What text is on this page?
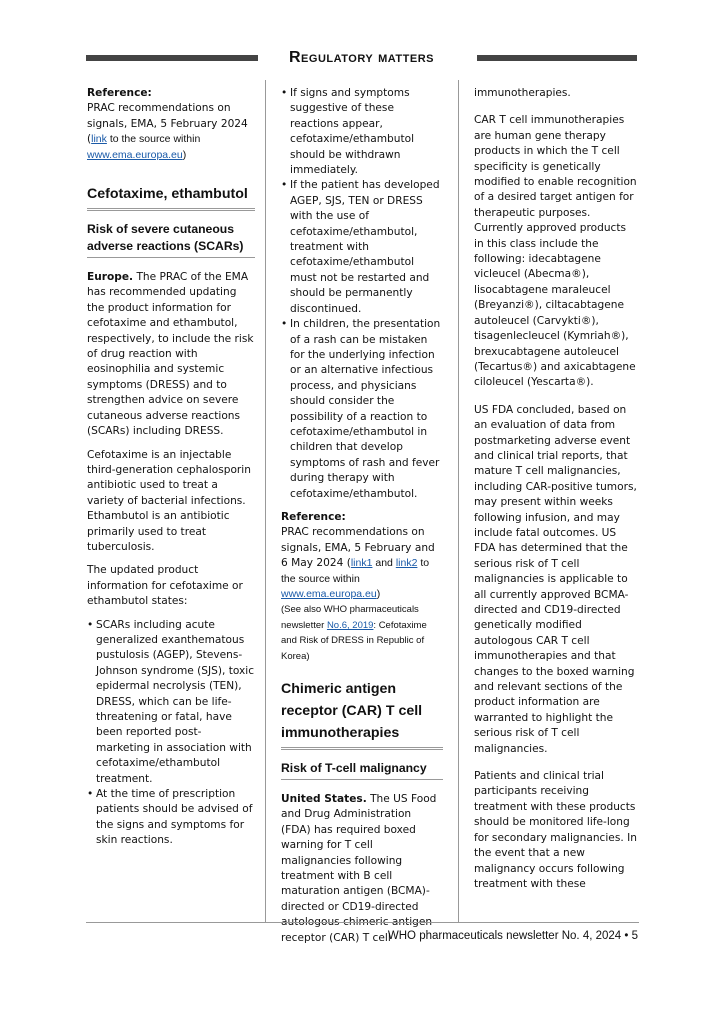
Regulatory matters

Reference:
PRAC recommendations on signals, EMA, 5 February 2024 (link to the source within www.ema.europa.eu)

Cefotaxime, ethambutol
Risk of severe cutaneous adverse reactions (SCARs)

Europe. The PRAC of the EMA has recommended updating the product information for cefotaxime and ethambutol, respectively, to include the risk of drug reaction with eosinophilia and systemic symptoms (DRESS) and to strengthen advice on severe cutaneous adverse reactions (SCARs) including DRESS.

Cefotaxime is an injectable third-generation cephalosporin antibiotic used to treat a variety of bacterial infections. Ethambutol is an antibiotic primarily used to treat tuberculosis.

The updated product information for cefotaxime or ethambutol states:

• SCARs including acute generalized exanthematous pustulosis (AGEP), Stevens-Johnson syndrome (SJS), toxic epidermal necrolysis (TEN), DRESS, which can be life-threatening or fatal, have been reported post-marketing in association with cefotaxime/ethambutol treatment.
• At the time of prescription patients should be advised of the signs and symptoms for skin reactions.
• If signs and symptoms suggestive of these reactions appear, cefotaxime/ethambutol should be withdrawn immediately.
• If the patient has developed AGEP, SJS, TEN or DRESS with the use of cefotaxime/ethambutol, treatment with cefotaxime/ethambutol must not be restarted and should be permanently discontinued.
• In children, the presentation of a rash can be mistaken for the underlying infection or an alternative infectious process, and physicians should consider the possibility of a reaction to cefotaxime/ethambutol in children that develop symptoms of rash and fever during therapy with cefotaxime/ethambutol.

Reference:
PRAC recommendations on signals, EMA, 5 February and 6 May 2024 (link1 and link2 to the source within www.ema.europa.eu)
(See also WHO pharmaceuticals newsletter No.6, 2019: Cefotaxime and Risk of DRESS in Republic of Korea)

Chimeric antigen receptor (CAR) T cell immunotherapies
Risk of T-cell malignancy

United States. The US Food and Drug Administration (FDA) has required boxed warning for T cell malignancies following treatment with B cell maturation antigen (BCMA)-directed or CD19-directed autologous chimeric antigen receptor (CAR) T cell

immunotherapies.

CAR T cell immunotherapies are human gene therapy products in which the T cell specificity is genetically modified to enable recognition of a desired target antigen for therapeutic purposes. Currently approved products in this class include the following: idecabtagene vicleucel (Abecma®), lisocabtagene maraleucel (Breyanzi®), ciltacabtagene autoleucel (Carvykti®), tisagenlecleucel (Kymriah®), brexucabtagene autoleucel (Tecartus®) and axicabtagene ciloleucel (Yescarta®).

US FDA concluded, based on an evaluation of data from postmarketing adverse event and clinical trial reports, that mature T cell malignancies, including CAR-positive tumors, may present within weeks following infusion, and may include fatal outcomes. US FDA has determined that the serious risk of T cell malignancies is applicable to all currently approved BCMA-directed and CD19-directed genetically modified autologous CAR T cell immunotherapies and that changes to the boxed warning and relevant sections of the product information are warranted to highlight the serious risk of T cell malignancies.

Patients and clinical trial participants receiving treatment with these products should be monitored life-long for secondary malignancies. In the event that a new malignancy occurs following treatment with these

WHO pharmaceuticals newsletter No. 4, 2024 • 5
